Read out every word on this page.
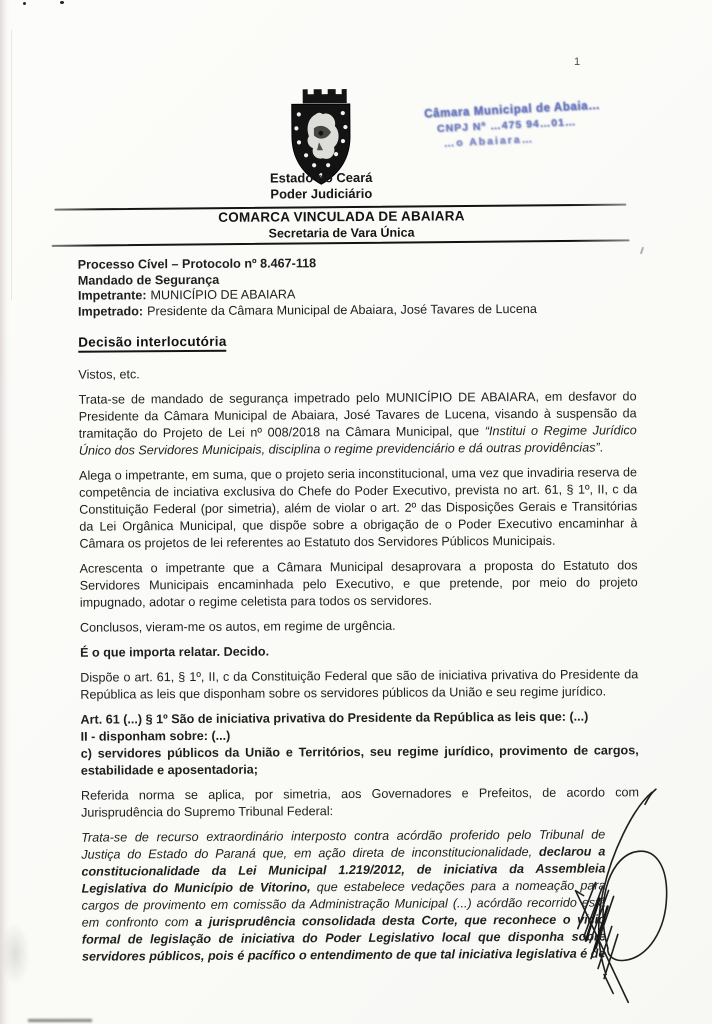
1
Estado do Ceará
Poder Judiciário
COMARCA VINCULADA DE ABAIARA
Secretaria de Vara Única
Câmara Municipal de Abaia…
CNPJ Nº …475 94…01…
…o Abaiara…
Processo Cível – Protocolo nº 8.467-118
Mandado de Segurança
Impetrante: MUNICÍPIO DE ABAIARA
Impetrado: Presidente da Câmara Municipal de Abaiara, José Tavares de Lucena
Decisão interlocutória

Vistos, etc.

Trata-se de mandado de segurança impetrado pelo MUNICÍPIO DE ABAIARA, em desfavor do Presidente da Câmara Municipal de Abaiara, José Tavares de Lucena, visando à suspensão da tramitação do Projeto de Lei nº 008/2018 na Câmara Municipal, que “Institui o Regime Jurídico Único dos Servidores Municipais, disciplina o regime previdenciário e dá outras providências”.

Alega o impetrante, em suma, que o projeto seria inconstitucional, uma vez que invadiria reserva de competência de inciativa exclusiva do Chefe do Poder Executivo, prevista no art. 61, § 1º, II, c da Constituição Federal (por simetria), além de violar o art. 2º das Disposições Gerais e Transitórias da Lei Orgânica Municipal, que dispõe sobre a obrigação de o Poder Executivo encaminhar à Câmara os projetos de lei referentes ao Estatuto dos Servidores Públicos Municipais.

Acrescenta o impetrante que a Câmara Municipal desaprovara a proposta do Estatuto dos Servidores Municipais encaminhada pelo Executivo, e que pretende, por meio do projeto impugnado, adotar o regime celetista para todos os servidores.

Conclusos, vieram-me os autos, em regime de urgência.

É o que importa relatar. Decido.

Dispõe o art. 61, § 1º, II, c da Constituição Federal que são de iniciativa privativa do Presidente da República as leis que disponham sobre os servidores públicos da União e seu regime jurídico.

Art. 61 (...) § 1º São de iniciativa privativa do Presidente da República as leis que: (...)
II - disponham sobre: (...)
c) servidores públicos da União e Territórios, seu regime jurídico, provimento de cargos, estabilidade e aposentadoria;

Referida norma se aplica, por simetria, aos Governadores e Prefeitos, de acordo com Jurisprudência do Supremo Tribunal Federal:

Trata-se de recurso extraordinário interposto contra acórdão proferido pelo Tribunal de Justiça do Estado do Paraná que, em ação direta de inconstitucionalidade, declarou a constitucionalidade da Lei Municipal 1.219/2012, de iniciativa da Assembleia Legislativa do Município de Vitorino, que estabelece vedações para a nomeação para cargos de provimento em comissão da Administração Municipal (...) acórdão recorrido está em confronto com a jurisprudência consolidada desta Corte, que reconhece o vício formal de legislação de iniciativa do Poder Legislativo local que disponha sobre servidores públicos, pois é pacífico o entendimento de que tal iniciativa legislativa é de
